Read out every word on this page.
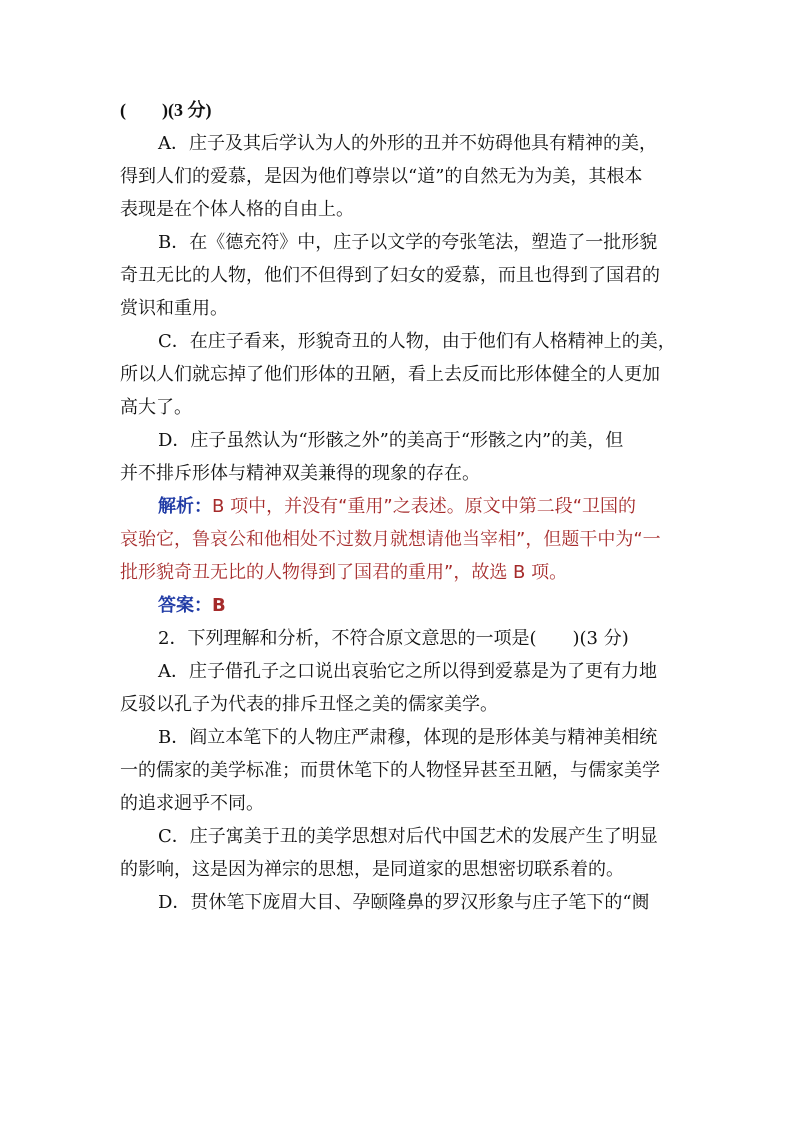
(　　)(3 分)
A．庄子及其后学认为人的外形的丑并不妨碍他具有精神的美，
得到人们的爱慕，是因为他们尊崇以“道”的自然无为为美，其根本
表现是在个体人格的自由上。
B．在《德充符》中，庄子以文学的夸张笔法，塑造了一批形貌
奇丑无比的人物，他们不但得到了妇女的爱慕，而且也得到了国君的
赏识和重用。
C．在庄子看来，形貌奇丑的人物，由于他们有人格精神上的美，
所以人们就忘掉了他们形体的丑陋，看上去反而比形体健全的人更加
高大了。
D．庄子虽然认为“形骸之外”的美高于“形骸之内”的美，但
并不排斥形体与精神双美兼得的现象的存在。
解析：B 项中，并没有“重用”之表述。原文中第二段“卫国的
哀骀它，鲁哀公和他相处不过数月就想请他当宰相”，但题干中为“一
批形貌奇丑无比的人物得到了国君的重用”，故选 B 项。
答案：B
2．下列理解和分析，不符合原文意思的一项是(　　)(3 分)
A．庄子借孔子之口说出哀骀它之所以得到爱慕是为了更有力地
反驳以孔子为代表的排斥丑怪之美的儒家美学。
B．阎立本笔下的人物庄严肃穆，体现的是形体美与精神美相统
一的儒家的美学标准；而贯休笔下的人物怪异甚至丑陋，与儒家美学
的追求迥乎不同。
C．庄子寓美于丑的美学思想对后代中国艺术的发展产生了明显
的影响，这是因为禅宗的思想，是同道家的思想密切联系着的。
D．贯休笔下庞眉大目、孕颐隆鼻的罗汉形象与庄子笔下的“阓
